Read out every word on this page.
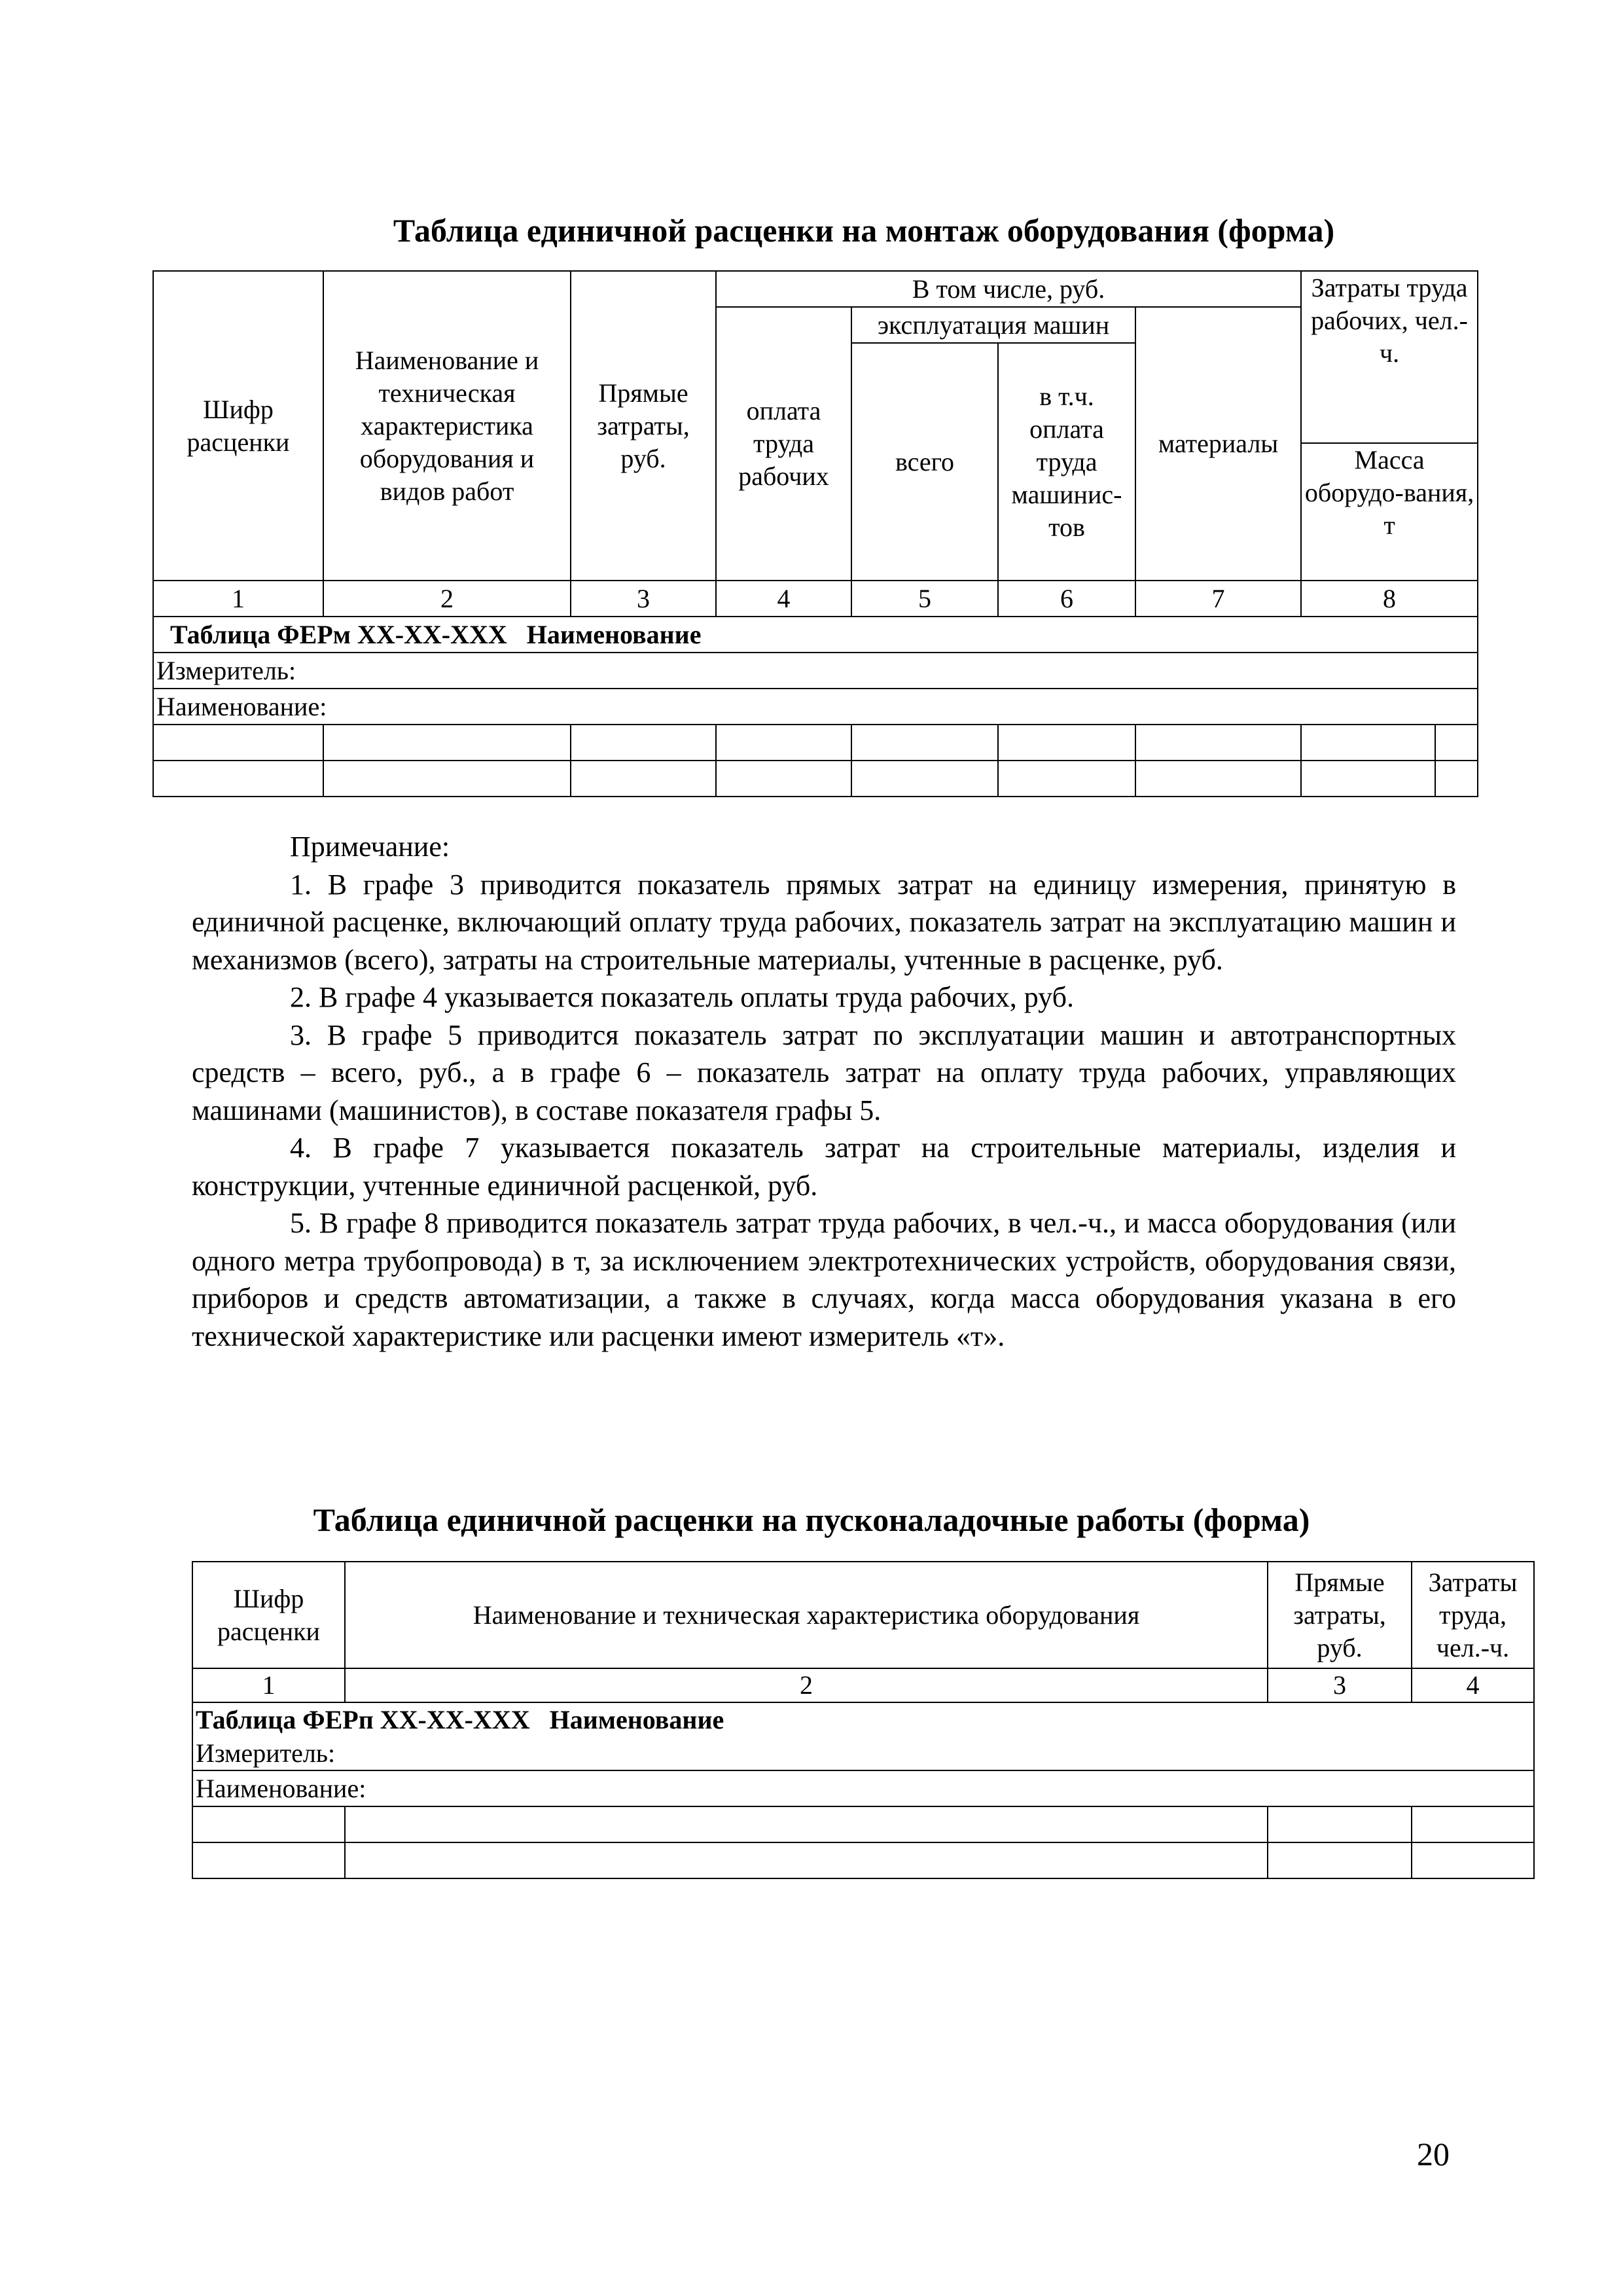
Таблица единичной расценки на монтаж оборудования (форма)
Шифр расценки	Наименование и техническая характеристика оборудования и видов работ	Прямые затраты, руб.	В том числе, руб.				Затраты труда рабочих, чел.-ч.	
			оплата труда рабочих	эксплуатация машин		материалы		
				всего	в т.ч. оплата труда машинис-тов			
							Масса оборудо-вания, т	

1	2	3	4	5	6	7	8	
Таблица ФЕРм ХХ-ХХ-ХХХ   Наименование								
Измеритель:								
Наименование:								

Примечание:

1. В графе 3 приводится показатель прямых затрат на единицу измерения, принятую в единичной расценке, включающий оплату труда рабочих, показатель затрат на эксплуатацию машин и механизмов (всего), затраты на строительные материалы, учтенные в расценке, руб.

2. В графе 4 указывается показатель оплаты труда рабочих, руб.

3. В графе 5 приводится показатель затрат по эксплуатации машин и автотранспортных средств – всего, руб., а в графе 6 – показатель затрат на оплату труда рабочих, управляющих машинами (машинистов), в составе показателя графы 5.

4. В графе 7 указывается показатель затрат на строительные материалы, изделия и конструкции, учтенные единичной расценкой, руб.

5. В графе 8 приводится показатель затрат труда рабочих, в чел.-ч., и масса оборудования (или одного метра трубопровода) в т, за исключением электротехнических устройств, оборудования связи, приборов и средств автоматизации, а также в случаях, когда масса оборудования указана в его технической характеристике или расценки имеют измеритель «т».

Таблица единичной расценки на пусконаладочные работы (форма)
Шифр расценки	Наименование и техническая характеристика оборудования	Прямые затраты, руб.	Затраты труда, чел.-ч.
1	2	3	4
Таблица ФЕРп ХХ-ХХ-ХХХ   Наименование			
Измеритель:			
Наименование:			

20
